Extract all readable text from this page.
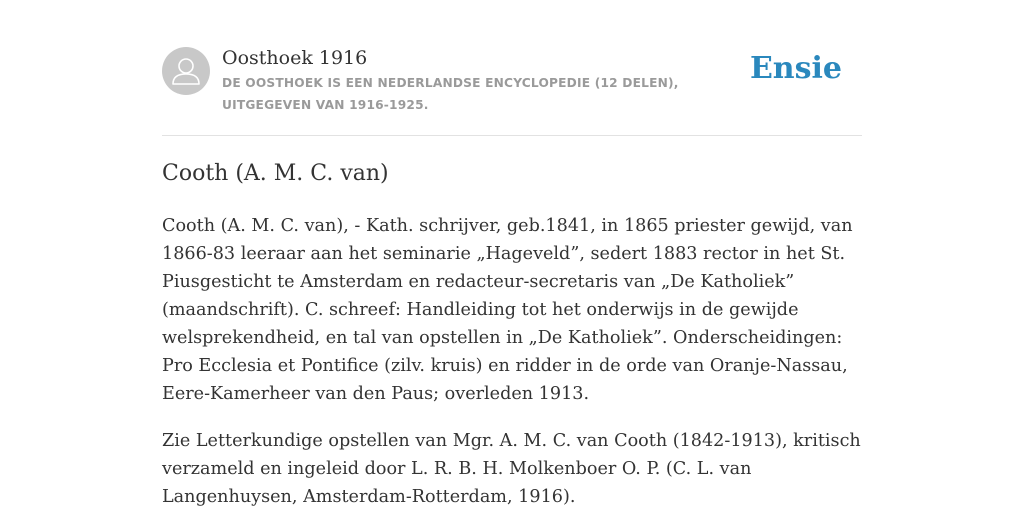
Oosthoek 1916
DE OOSTHOEK IS EEN NEDERLANDSE ENCYCLOPEDIE (12 DELEN), UITGEGEVEN VAN 1916-1925.
Ensie
Cooth (A. M. C. van)

Cooth (A. M. C. van), - Kath. schrijver, geb.1841, in 1865 priester gewijd, van 1866-83 leeraar aan het seminarie „Hageveld”, sedert 1883 rector in het St. Piusgesticht te Amsterdam en redacteur-secretaris van „De Katholiek” (maandschrift). C. schreef: Handleiding tot het onderwijs in de gewijde welsprekendheid, en tal van opstellen in „De Katholiek”. Onderscheidingen: Pro Ecclesia et Pontifice (zilv. kruis) en ridder in de orde van Oranje-Nassau, Eere-Kamerheer van den Paus; overleden 1913.

Zie Letterkundige opstellen van Mgr. A. M. C. van Cooth (1842-1913), kritisch verzameld en ingeleid door L. R. B. H. Molkenboer O. P. (C. L. van Langenhuysen, Amsterdam-Rotterdam, 1916).
